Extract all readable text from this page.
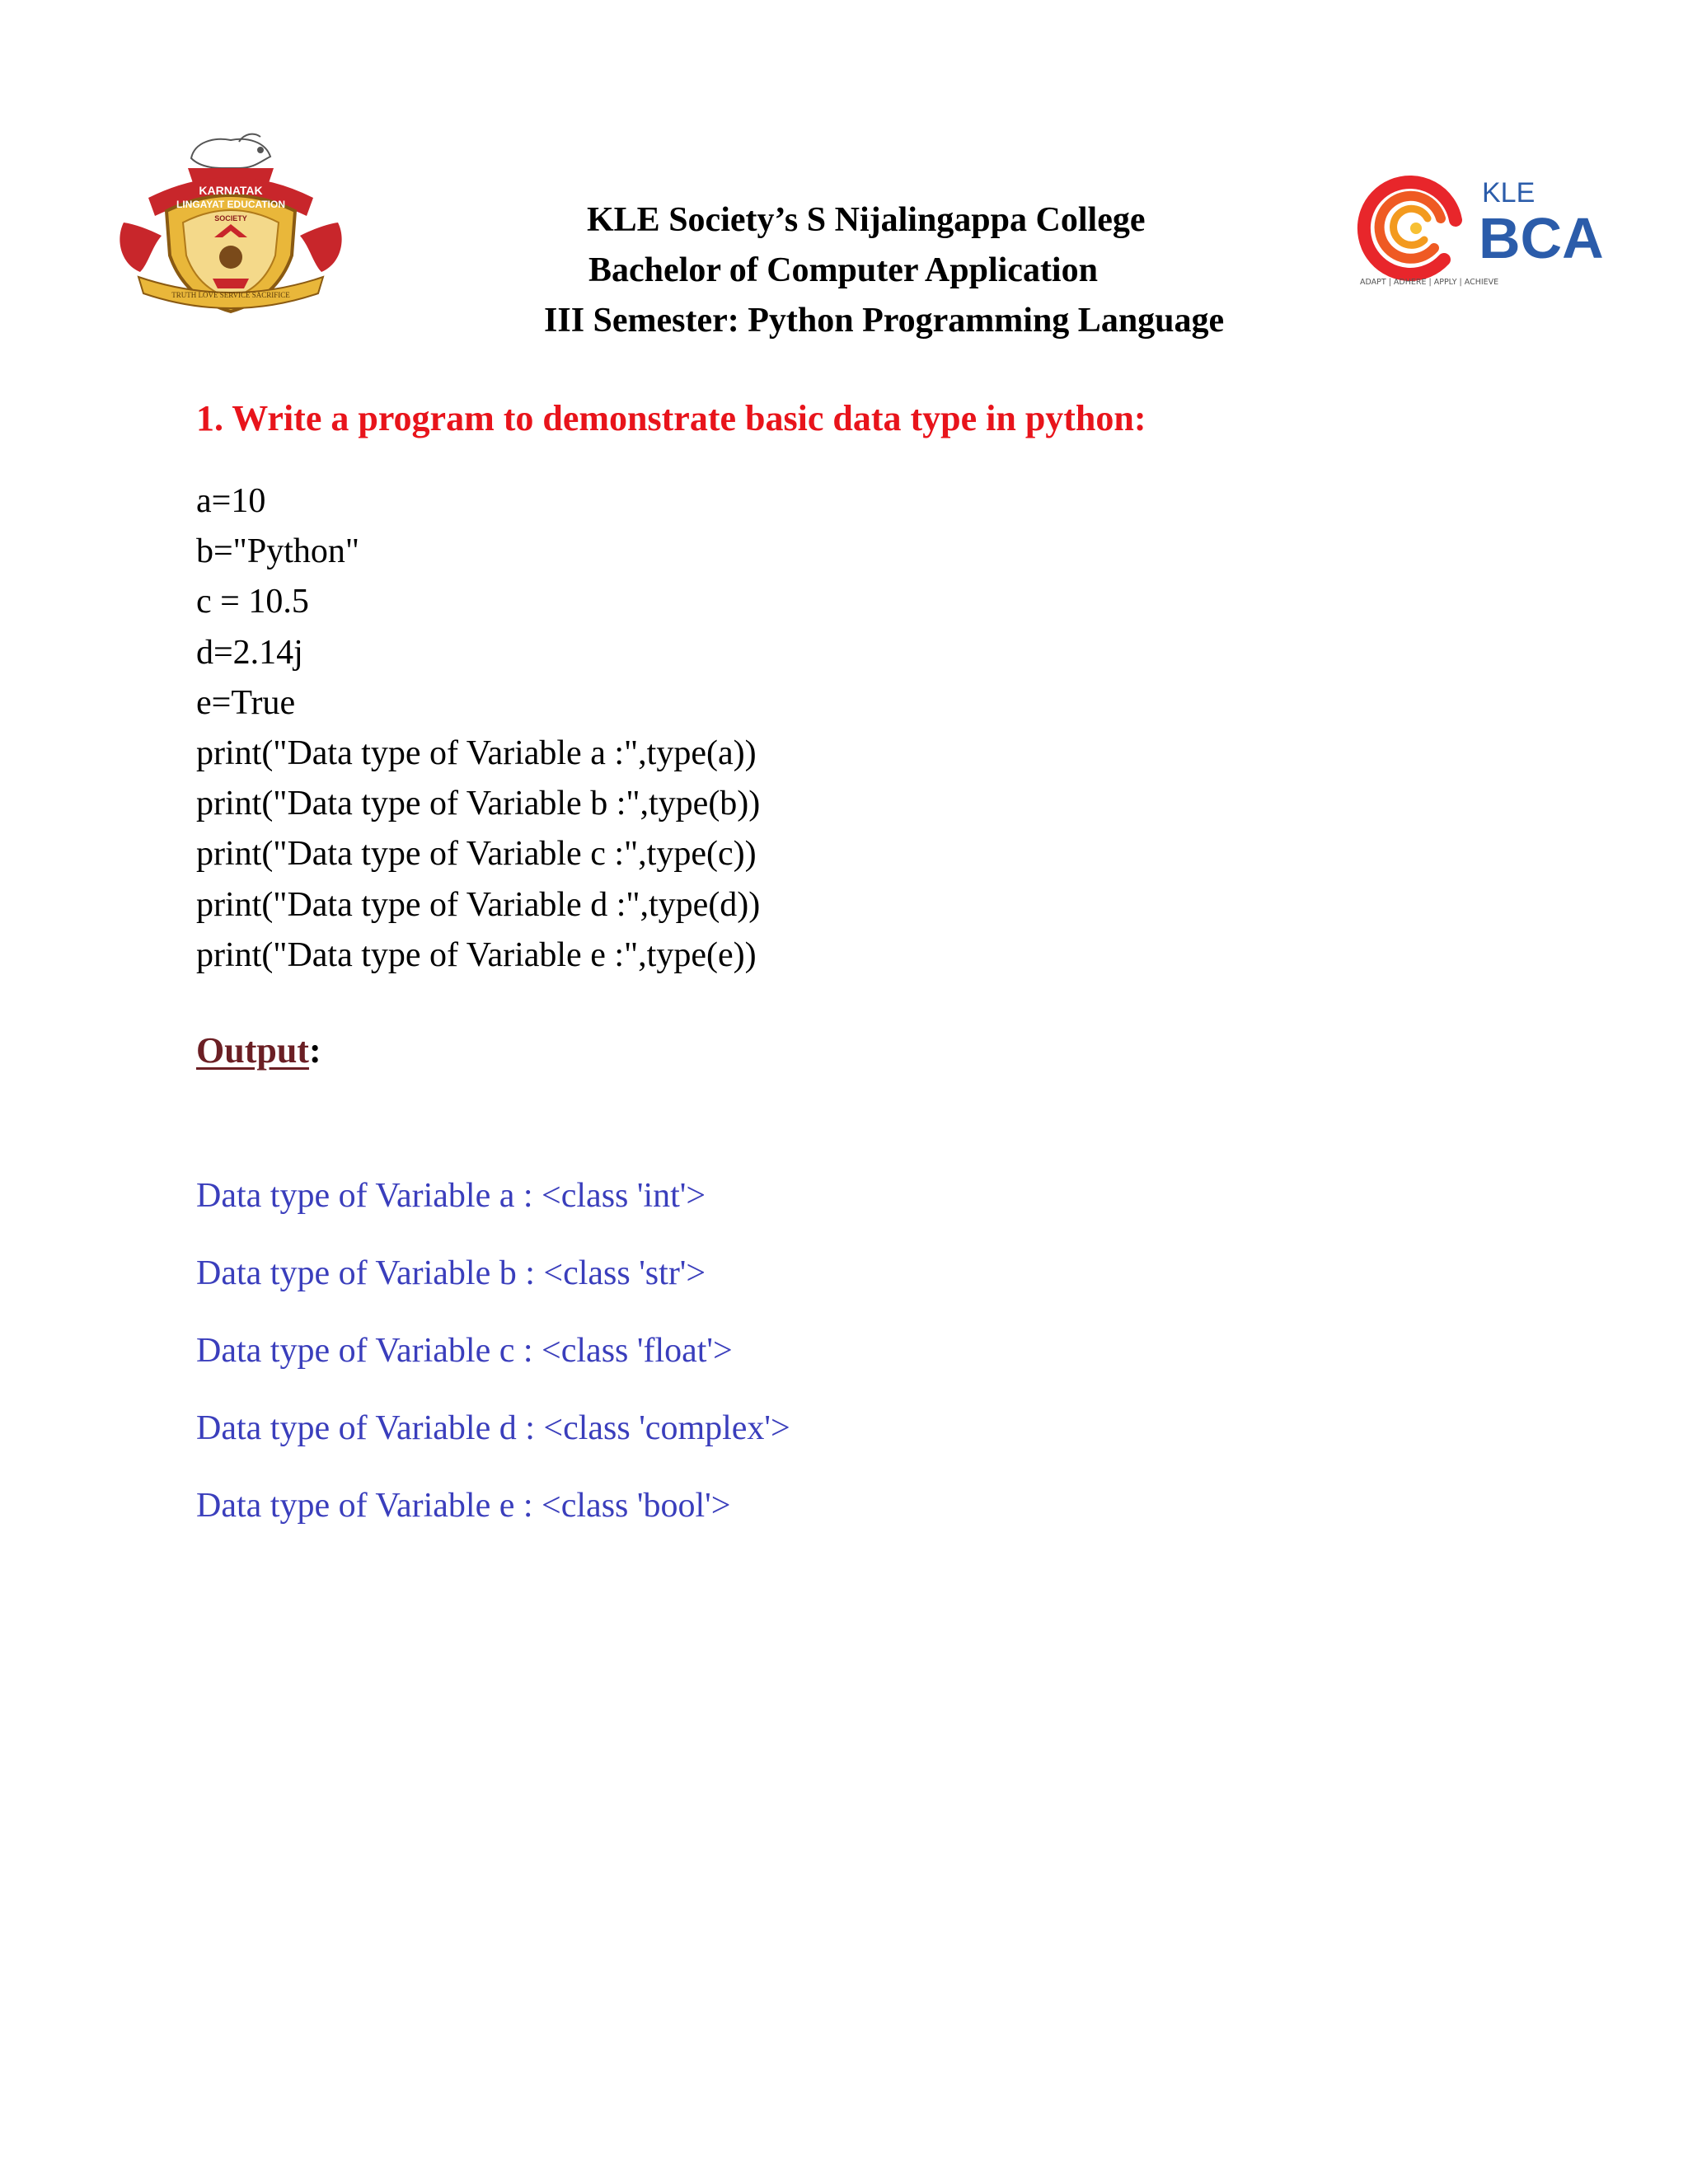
KARNATAK
LINGAYAT EDUCATION
SOCIETY
TRUTH LOVE SERVICE SACRIFICE
KLE Society’s S Nijalingappa College
Bachelor of Computer Application
III Semester: Python Programming Language
KLE
BCA
ADAPT | ADHERE | APPLY | ACHIEVE
1. Write a program to demonstrate basic data type in python:
a=10
b="Python"
c = 10.5
d=2.14j
e=True
print("Data type of Variable a :",type(a))
print("Data type of Variable b :",type(b))
print("Data type of Variable c :",type(c))
print("Data type of Variable d :",type(d))
print("Data type of Variable e :",type(e))
Output:
Data type of Variable a : <class 'int'>
Data type of Variable b : <class 'str'>
Data type of Variable c : <class 'float'>
Data type of Variable d : <class 'complex'>
Data type of Variable e : <class 'bool'>
